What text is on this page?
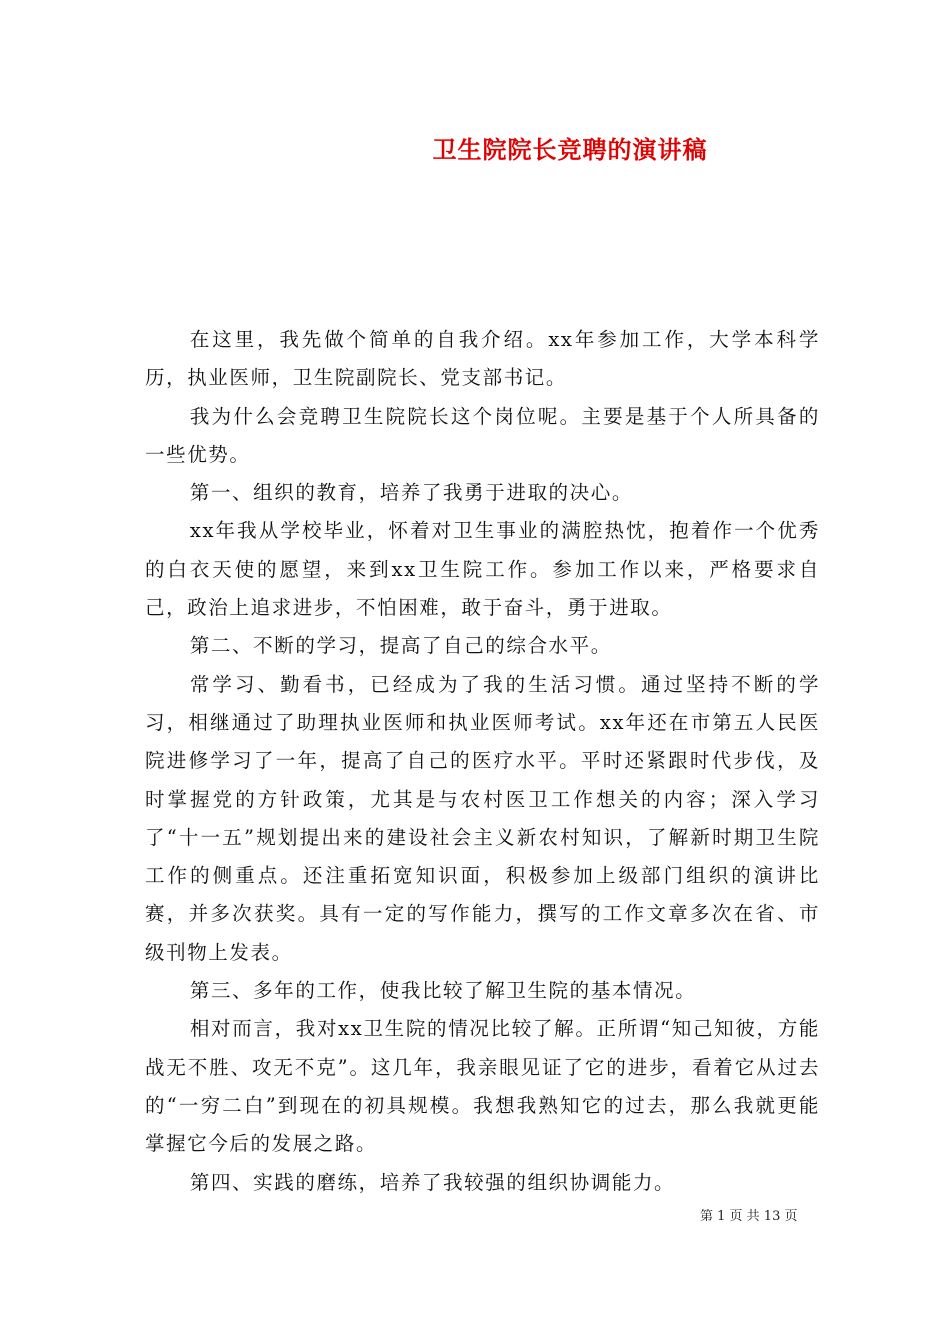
卫生院院长竞聘的演讲稿

在这里，我先做个简单的自我介绍。xx年参加工作，大学本科学历，执业医师，卫生院副院长、党支部书记。

我为什么会竞聘卫生院院长这个岗位呢。主要是基于个人所具备的一些优势。

第一、组织的教育，培养了我勇于进取的决心。

xx年我从学校毕业，怀着对卫生事业的满腔热忱，抱着作一个优秀的白衣天使的愿望，来到xx卫生院工作。参加工作以来，严格要求自己，政治上追求进步，不怕困难，敢于奋斗，勇于进取。

第二、不断的学习，提高了自己的综合水平。

常学习、勤看书，已经成为了我的生活习惯。通过坚持不断的学习，相继通过了助理执业医师和执业医师考试。xx年还在市第五人民医院进修学习了一年，提高了自己的医疗水平。平时还紧跟时代步伐，及时掌握党的方针政策，尤其是与农村医卫工作想关的内容；深入学习了“十一五”规划提出来的建设社会主义新农村知识，了解新时期卫生院工作的侧重点。还注重拓宽知识面，积极参加上级部门组织的演讲比赛，并多次获奖。具有一定的写作能力，撰写的工作文章多次在省、市级刊物上发表。

第三、多年的工作，使我比较了解卫生院的基本情况。

相对而言，我对xx卫生院的情况比较了解。正所谓“知己知彼，方能战无不胜、攻无不克”。这几年，我亲眼见证了它的进步，看着它从过去的“一穷二白”到现在的初具规模。我想我熟知它的过去，那么我就更能掌握它今后的发展之路。

第四、实践的磨练，培养了我较强的组织协调能力。

第 1 页 共 13 页
